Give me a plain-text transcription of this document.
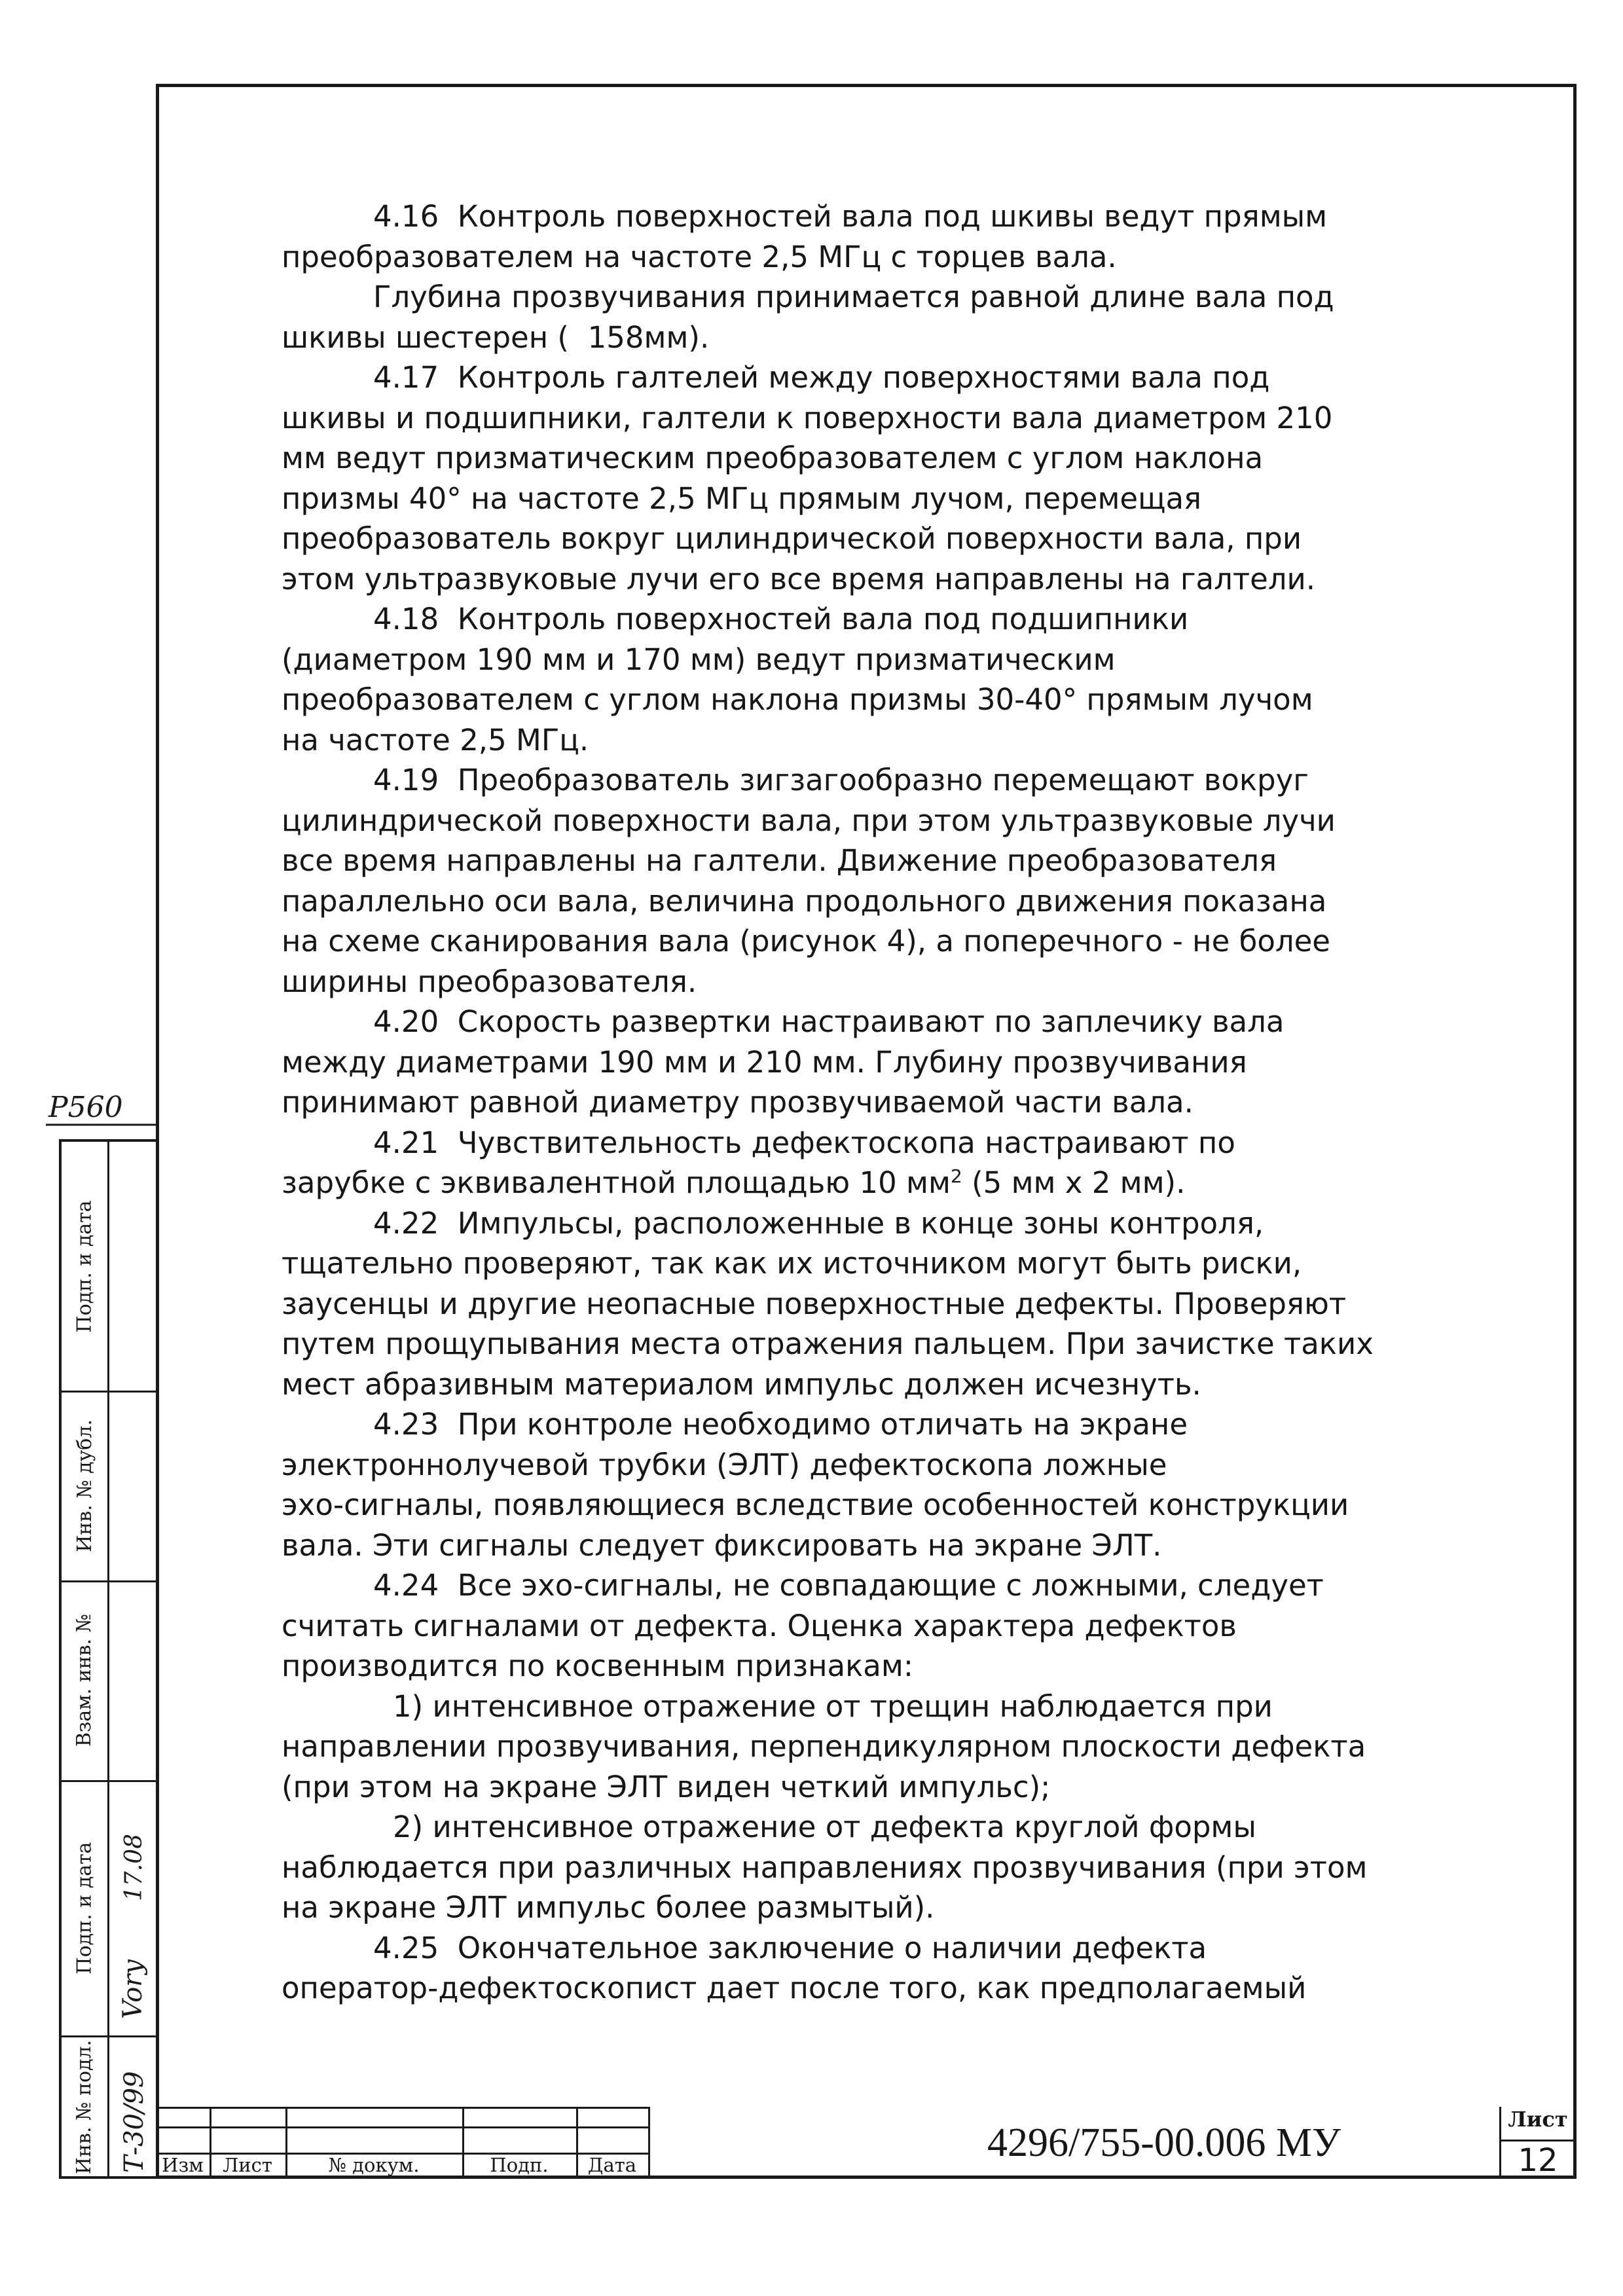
Р560

4.16  Контроль поверхностей вала под шкивы ведут прямым

преобразователем на частоте 2,5 МГц с торцев вала.

Глубина прозвучивания принимается равной длине вала под

шкивы шестерен (  158мм).

4.17  Контроль галтелей между поверхностями вала под

шкивы и подшипники, галтели к поверхности вала диаметром 210

мм ведут призматическим преобразователем с углом наклона

призмы 40° на частоте 2,5 МГц прямым лучом, перемещая

преобразователь вокруг цилиндрической поверхности вала, при

этом ультразвуковые лучи его все время направлены на галтели.

4.18  Контроль поверхностей вала под подшипники

(диаметром 190 мм и 170 мм) ведут призматическим

преобразователем с углом наклона призмы 30-40° прямым лучом

на частоте 2,5 МГц.

4.19  Преобразователь зигзагообразно перемещают вокруг

цилиндрической поверхности вала, при этом ультразвуковые лучи

все время направлены на галтели. Движение преобразователя

параллельно оси вала, величина продольного движения показана

на схеме сканирования вала (рисунок 4), а поперечного - не более

ширины преобразователя.

4.20  Скорость развертки настраивают по заплечику вала

между диаметрами 190 мм и 210 мм. Глубину прозвучивания

принимают равной диаметру прозвучиваемой части вала.

4.21  Чувствительность дефектоскопа настраивают по

зарубке с эквивалентной площадью 10 $мм^2$ (5 мм х 2 мм).

4.22  Импульсы, расположенные в конце зоны контроля,

тщательно проверяют, так как их источником могут быть риски,

заусенцы и другие неопасные поверхностные дефекты. Проверяют

путем прощупывания места отражения пальцем. При зачистке таких

мест абразивным материалом импульс должен исчезнуть.

4.23  При контроле необходимо отличать на экране

электроннолучевой трубки (ЭЛТ) дефектоскопа ложные

эхо-сигналы, появляющиеся вследствие особенностей конструкции

вала. Эти сигналы следует фиксировать на экране ЭЛТ.

4.24  Все эхо-сигналы, не совпадающие с ложными, следует

считать сигналами от дефекта. Оценка характера дефектов

производится по косвенным признакам:

1) интенсивное отражение от трещин наблюдается при

направлении прозвучивания, перпендикулярном плоскости дефекта

(при этом на экране ЭЛТ виден четкий импульс);

2) интенсивное отражение от дефекта круглой формы

наблюдается при различных направлениях прозвучивания (при этом

на экране ЭЛТ импульс более размытый).

4.25  Окончательное заключение о наличии дефекта

оператор-дефектоскопист дает после того, как предполагаемый

Подп. и дата
Инв. № дубл.
Взам. инв. №
Подп. и дата
Инв. № подл.
Vory
17.08
Т-30/99 Изм	Лист	№ докум.	Подп.	Дата	4296/755-00.006 МУ
Лист
12
